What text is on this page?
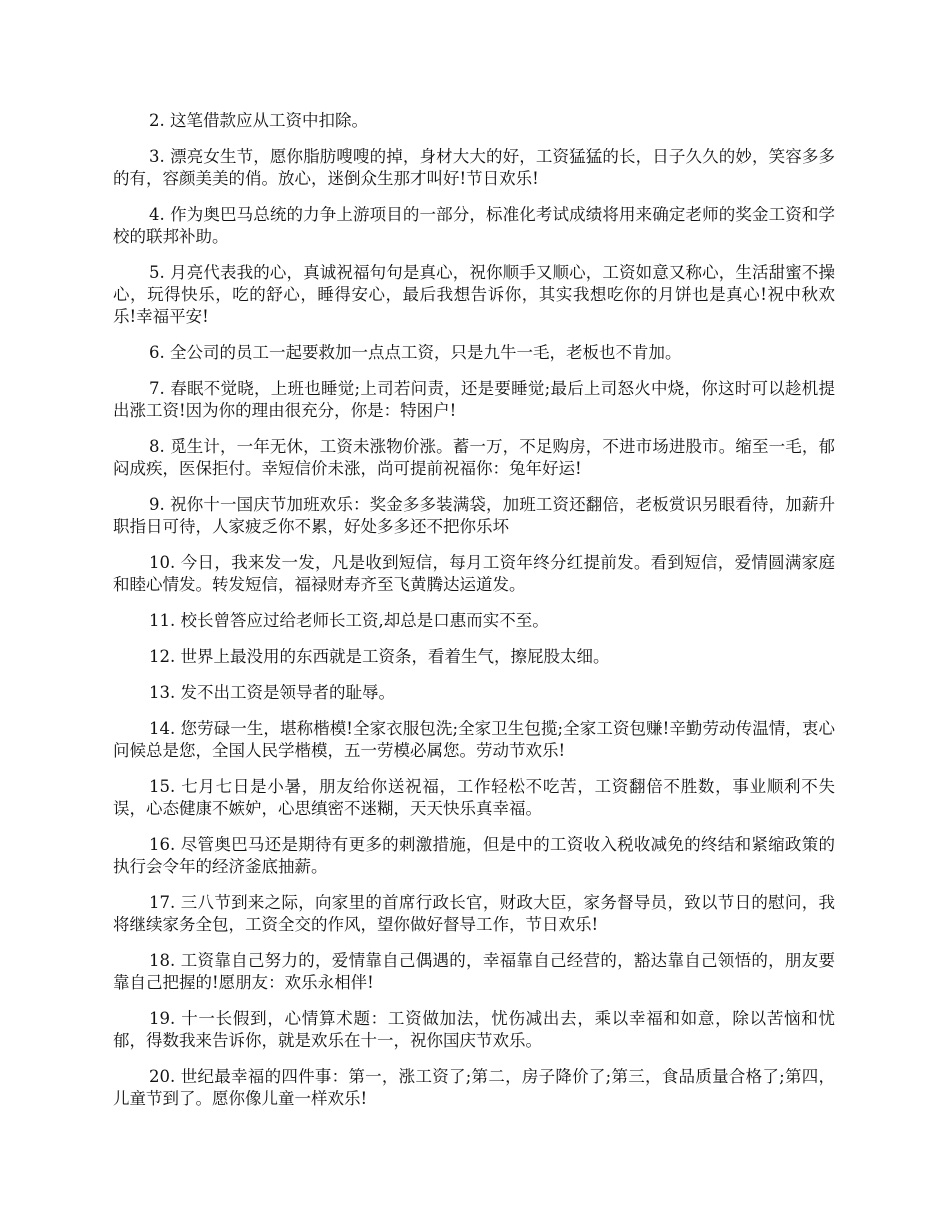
2. 这笔借款应从工资中扣除。

3. 漂亮女生节，愿你脂肪嗖嗖的掉，身材大大的好，工资猛猛的长，日子久久的妙，笑容多多的有，容颜美美的俏。放心，迷倒众生那才叫好!节日欢乐!

4. 作为奥巴马总统的力争上游项目的一部分，标准化考试成绩将用来确定老师的奖金工资和学校的联邦补助。

5. 月亮代表我的心，真诚祝福句句是真心，祝你顺手又顺心，工资如意又称心，生活甜蜜不操心，玩得快乐，吃的舒心，睡得安心，最后我想告诉你，其实我想吃你的月饼也是真心!祝中秋欢乐!幸福平安!

6. 全公司的员工一起要救加一点点工资，只是九牛一毛，老板也不肯加。

7. 春眠不觉晓，上班也睡觉;上司若问责，还是要睡觉;最后上司怒火中烧，你这时可以趁机提出涨工资!因为你的理由很充分，你是：特困户!

8. 觅生计，一年无休，工资未涨物价涨。蓄一万，不足购房，不进市场进股市。缩至一毛，郁闷成疾，医保拒付。幸短信价未涨，尚可提前祝福你：兔年好运!

9. 祝你十一国庆节加班欢乐：奖金多多装满袋，加班工资还翻倍，老板赏识另眼看待，加薪升职指日可待，人家疲乏你不累，好处多多还不把你乐坏

10. 今日，我来发一发，凡是收到短信，每月工资年终分红提前发。看到短信，爱情圆满家庭和睦心情发。转发短信，福禄财寿齐至飞黄腾达运道发。

11. 校长曾答应过给老师长工资,却总是口惠而实不至。

12. 世界上最没用的东西就是工资条，看着生气，擦屁股太细。

13. 发不出工资是领导者的耻辱。

14. 您劳碌一生，堪称楷模!全家衣服包洗;全家卫生包揽;全家工资包赚!辛勤劳动传温情，衷心问候总是您，全国人民学楷模，五一劳模必属您。劳动节欢乐!

15. 七月七日是小暑，朋友给你送祝福，工作轻松不吃苦，工资翻倍不胜数，事业顺利不失误，心态健康不嫉妒，心思缜密不迷糊，天天快乐真幸福。

16. 尽管奥巴马还是期待有更多的刺激措施，但是中的工资收入税收减免的终结和紧缩政策的执行会令年的经济釜底抽薪。

17. 三八节到来之际，向家里的首席行政长官，财政大臣，家务督导员，致以节日的慰问，我将继续家务全包，工资全交的作风，望你做好督导工作，节日欢乐!

18. 工资靠自己努力的，爱情靠自己偶遇的，幸福靠自己经营的，豁达靠自己领悟的，朋友要靠自己把握的!愿朋友：欢乐永相伴!

19. 十一长假到，心情算术题：工资做加法，忧伤减出去，乘以幸福和如意，除以苦恼和忧郁，得数我来告诉你，就是欢乐在十一，祝你国庆节欢乐。

20. 世纪最幸福的四件事：第一，涨工资了;第二，房子降价了;第三，食品质量合格了;第四，儿童节到了。愿你像儿童一样欢乐!
